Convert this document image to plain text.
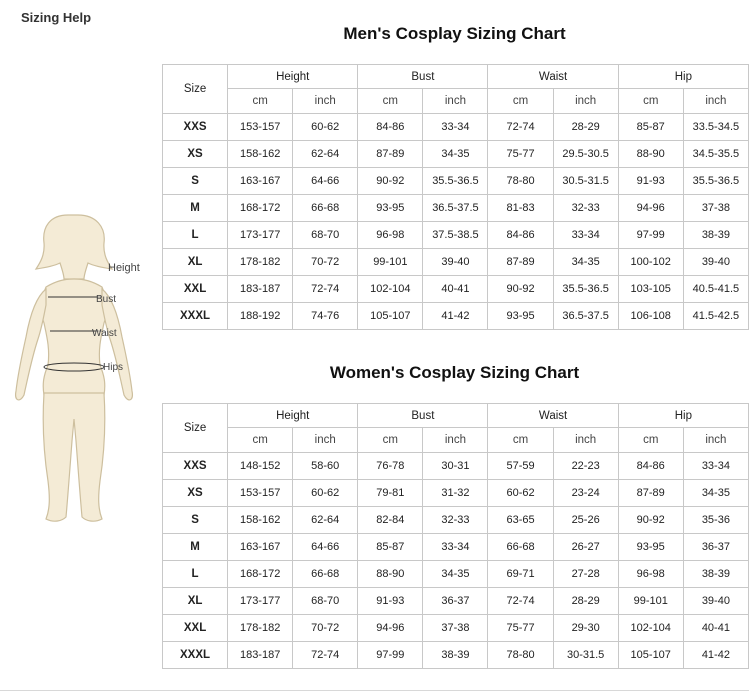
Sizing Help
Height
Bust
Waist
Hips
Men's Cosplay Sizing Chart
Size	Height		Bust		Waist		Hip	
	cm	inch	cm	inch	cm	inch	cm	inch
XXS	153-157	60-62	84-86	33-34	72-74	28-29	85-87	33.5-34.5
XS	158-162	62-64	87-89	34-35	75-77	29.5-30.5	88-90	34.5-35.5
S	163-167	64-66	90-92	35.5-36.5	78-80	30.5-31.5	91-93	35.5-36.5
M	168-172	66-68	93-95	36.5-37.5	81-83	32-33	94-96	37-38
L	173-177	68-70	96-98	37.5-38.5	84-86	33-34	97-99	38-39
XL	178-182	70-72	99-101	39-40	87-89	34-35	100-102	39-40
XXL	183-187	72-74	102-104	40-41	90-92	35.5-36.5	103-105	40.5-41.5
XXXL	188-192	74-76	105-107	41-42	93-95	36.5-37.5	106-108	41.5-42.5
Women's Cosplay Sizing Chart
Size	Height		Bust		Waist		Hip	
	cm	inch	cm	inch	cm	inch	cm	inch
XXS	148-152	58-60	76-78	30-31	57-59	22-23	84-86	33-34
XS	153-157	60-62	79-81	31-32	60-62	23-24	87-89	34-35
S	158-162	62-64	82-84	32-33	63-65	25-26	90-92	35-36
M	163-167	64-66	85-87	33-34	66-68	26-27	93-95	36-37
L	168-172	66-68	88-90	34-35	69-71	27-28	96-98	38-39
XL	173-177	68-70	91-93	36-37	72-74	28-29	99-101	39-40
XXL	178-182	70-72	94-96	37-38	75-77	29-30	102-104	40-41
XXXL	183-187	72-74	97-99	38-39	78-80	30-31.5	105-107	41-42
